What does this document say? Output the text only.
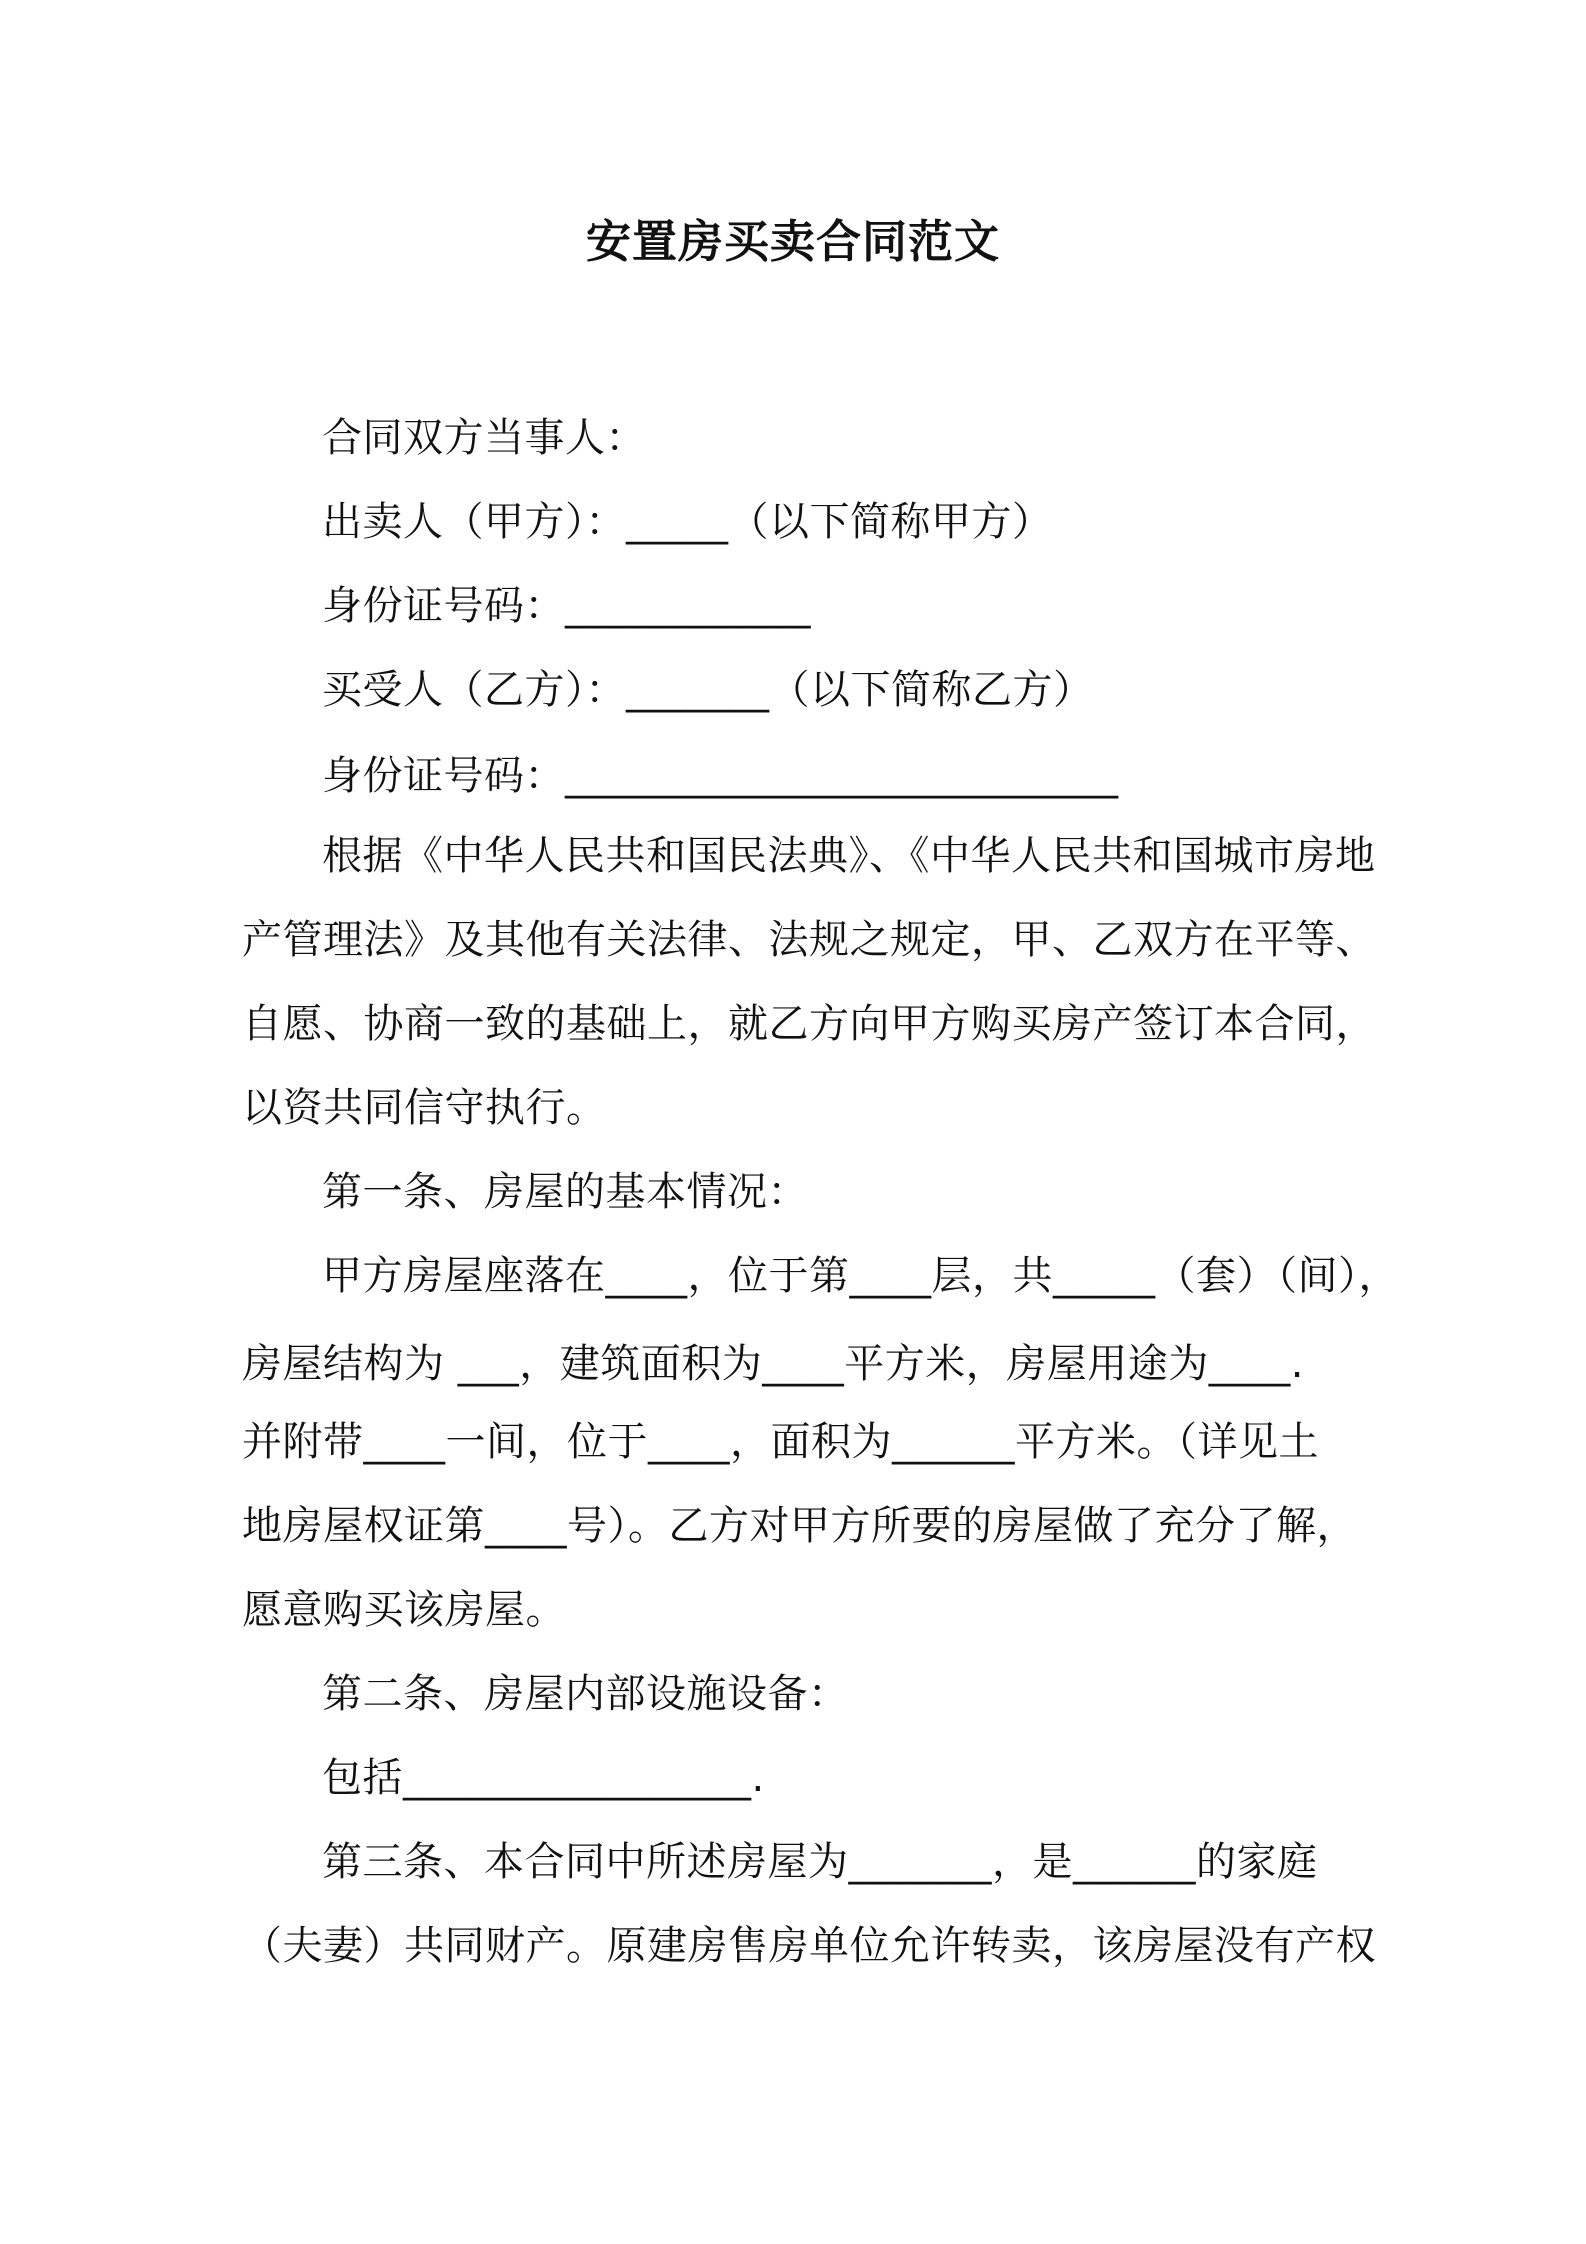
安置房买卖合同范文
合同双方当事人：
出卖人（甲方）：_____（以下简称甲方）
身份证号码：____________
买受人（乙方）：_______（以下简称乙方）
身份证号码：___________________________
根据《中华人民共和国民法典》、《中华人民共和国城市房地
产管理法》及其他有关法律、法规之规定，甲、乙双方在平等、
自愿、协商一致的基础上，就乙方向甲方购买房产签订本合同，
以资共同信守执行。
第一条、房屋的基本情况：
甲方房屋座落在____，位于第____层，共_____（套）（间），
房屋结构为 ___，建筑面积为____平方米，房屋用途为____.
并附带____一间，位于____，面积为______平方米。（详见土
地房屋权证第____号）。乙方对甲方所要的房屋做了充分了解，
愿意购买该房屋。
第二条、房屋内部设施设备：
包括_________________.
第三条、本合同中所述房屋为_______，是______的家庭
（夫妻）共同财产。原建房售房单位允许转卖，该房屋没有产权
